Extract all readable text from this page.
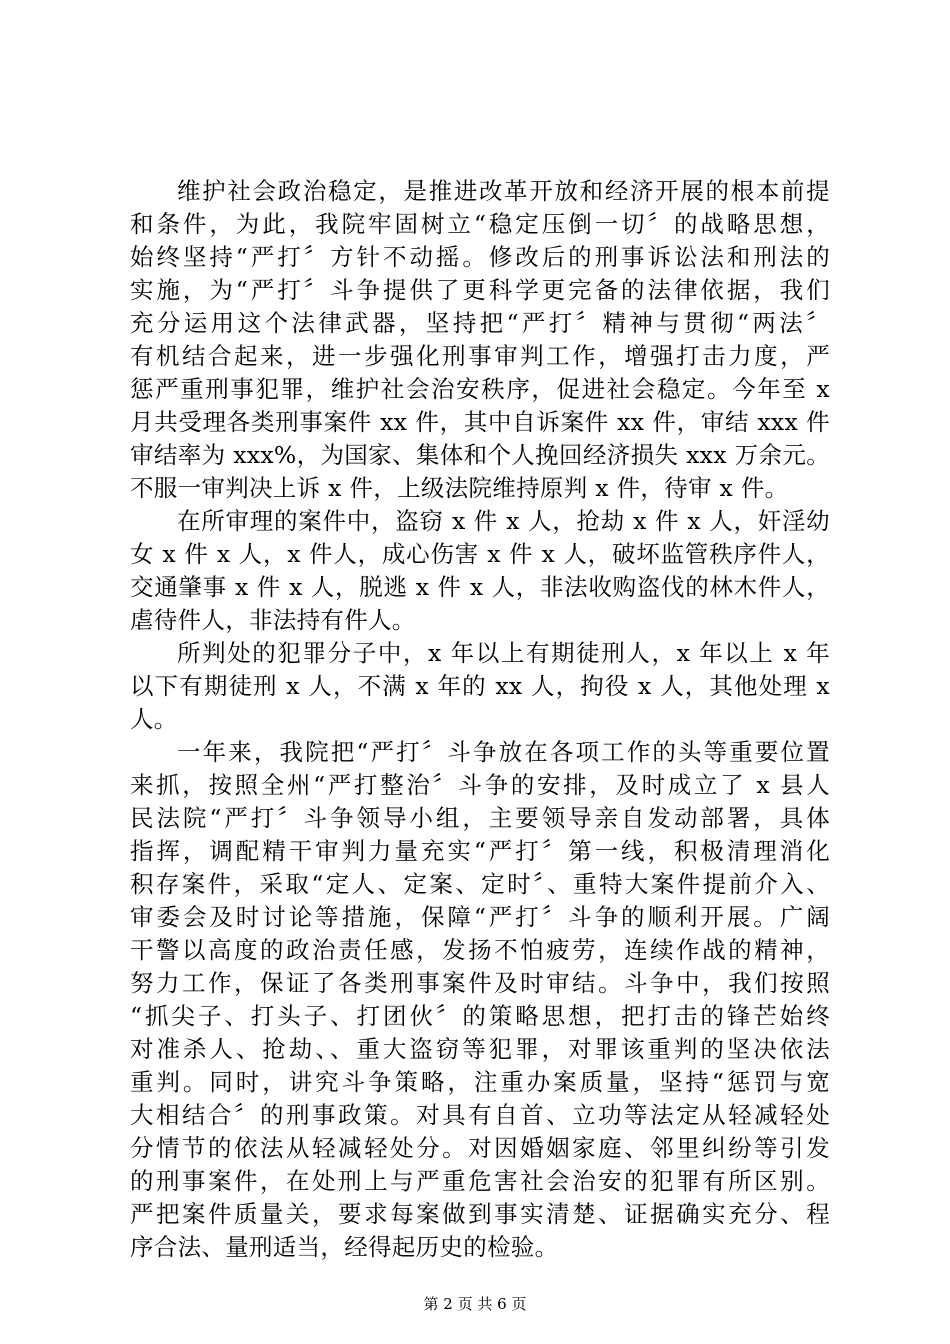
维护社会政治稳定，是推进改革开放和经济开展的根本前提
和条件，为此，我院牢固树立“稳定压倒一切〞的战略思想，
始终坚持“严打〞方针不动摇。修改后的刑事诉讼法和刑法的
实施，为“严打〞斗争提供了更科学更完备的法律依据，我们
充分运用这个法律武器，坚持把“严打〞精神与贯彻“两法〞
有机结合起来，进一步强化刑事审判工作，增强打击力度，严
惩严重刑事犯罪，维护社会治安秩序，促进社会稳定。今年至 x
月共受理各类刑事案件 xx 件，其中自诉案件 xx 件，审结 xxx 件
审结率为 xxx%，为国家、集体和个人挽回经济损失 xxx 万余元。
不服一审判决上诉 x 件，上级法院维持原判 x 件，待审 x 件。
在所审理的案件中，盗窃 x 件 x 人，抢劫 x 件 x 人，奸淫幼
女 x 件 x 人，x 件人，成心伤害 x 件 x 人，破坏监管秩序件人，
交通肇事 x 件 x 人，脱逃 x 件 x 人，非法收购盗伐的林木件人，
虐待件人，非法持有件人。
所判处的犯罪分子中，x 年以上有期徒刑人，x 年以上 x 年
以下有期徒刑 x 人，不满 x 年的 xx 人，拘役 x 人，其他处理 x
人。
一年来，我院把“严打〞斗争放在各项工作的头等重要位置
来抓，按照全州“严打整治〞斗争的安排，及时成立了 x 县人
民法院“严打〞斗争领导小组，主要领导亲自发动部署，具体
指挥，调配精干审判力量充实“严打〞第一线，积极清理消化
积存案件，采取“定人、定案、定时〞、重特大案件提前介入、
审委会及时讨论等措施，保障“严打〞斗争的顺利开展。广阔
干警以高度的政治责任感，发扬不怕疲劳，连续作战的精神，
努力工作，保证了各类刑事案件及时审结。斗争中，我们按照
“抓尖子、打头子、打团伙〞的策略思想，把打击的锋芒始终
对准杀人、抢劫、、重大盗窃等犯罪，对罪该重判的坚决依法
重判。同时，讲究斗争策略，注重办案质量，坚持“惩罚与宽
大相结合〞的刑事政策。对具有自首、立功等法定从轻减轻处
分情节的依法从轻减轻处分。对因婚姻家庭、邻里纠纷等引发
的刑事案件，在处刑上与严重危害社会治安的犯罪有所区别。
严把案件质量关，要求每案做到事实清楚、证据确实充分、程
序合法、量刑适当，经得起历史的检验。
第 2 页 共 6 页
